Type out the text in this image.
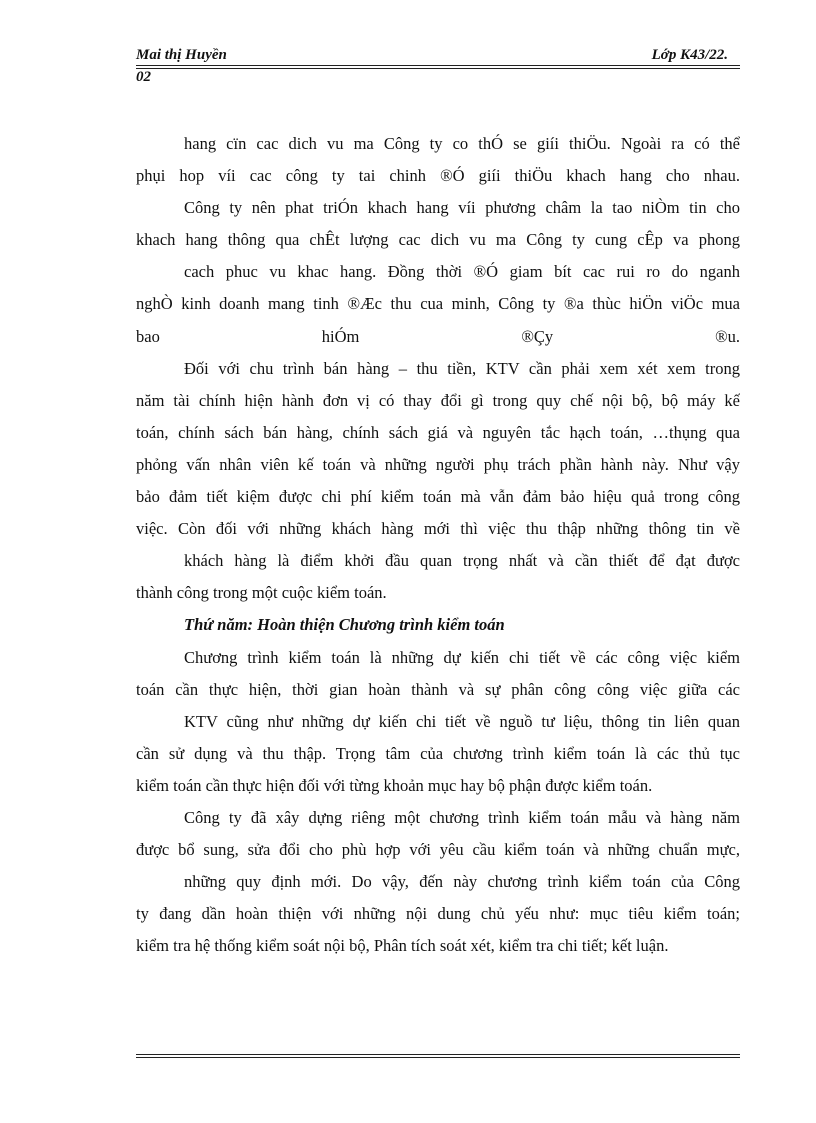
Mai thị Huyền	Lớp K43/22.
02
hang cïn cac dich vu ma Công ty co thÓ se giíi thiÖu. Ngoài ra có thể
phụi hop víi cac công ty tai chinh ®Ó giíi thiÖu khach hang cho nhau.
Công ty nên phat triÓn khach hang víi phương châm la tao niÒm tin cho
khach hang thông qua chÊt lượng cac dich vu ma Công ty cung cÊp va phong
cach phuc vu khac hang. Đồng thời ®Ó giam bít cac rui ro do nganh
nghÒ kinh doanh mang tinh ®Æc thu cua minh, Công ty ®a thùc hiÖn viÖc mua
bao hiÓm ®Çy ®u.
Đối với chu trình bán hàng – thu tiền, KTV cần phải xem xét xem trong
năm tài chính hiện hành đơn vị có thay đổi gì trong quy chế nội bộ, bộ máy kế
toán, chính sách bán hàng, chính sách giá và nguyên tắc hạch toán, …thụng qua
phỏng vấn nhân viên kế toán và những người phụ trách phần hành này. Như vậy
bảo đảm tiết kiệm được chi phí kiểm toán mà vẫn đảm bảo hiệu quả trong công
việc. Còn đối với những khách hàng mới thì việc thu thập những thông tin về
khách hàng là điểm khởi đầu quan trọng nhất và cần thiết để đạt được
thành công trong một cuộc kiểm toán.
Thứ năm: Hoàn thiện Chương trình kiểm toán
Chương trình kiểm toán là những dự kiến chi tiết về các công việc kiểm
toán cần thực hiện, thời gian hoàn thành và sự phân công công việc giữa các
KTV cũng như những dự kiến chi tiết về nguồ tư liệu, thông tin liên quan
cần sử dụng và thu thập. Trọng tâm của chương trình kiểm toán là các thủ tục
kiểm toán cần thực hiện đối với từng khoản mục hay bộ phận được kiểm toán.
Công ty đã xây dựng riêng một chương trình kiểm toán mẫu và hàng năm
được bổ sung, sửa đổi cho phù hợp với yêu cầu kiểm toán và những chuẩn mực,
những quy định mới. Do vậy, đến này chương trình kiểm toán của Công
ty đang dần hoàn thiện với những nội dung chủ yếu như: mục tiêu kiểm toán;
kiểm tra hệ thống kiểm soát nội bộ, Phân tích soát xét, kiểm tra chi tiết; kết luận.
